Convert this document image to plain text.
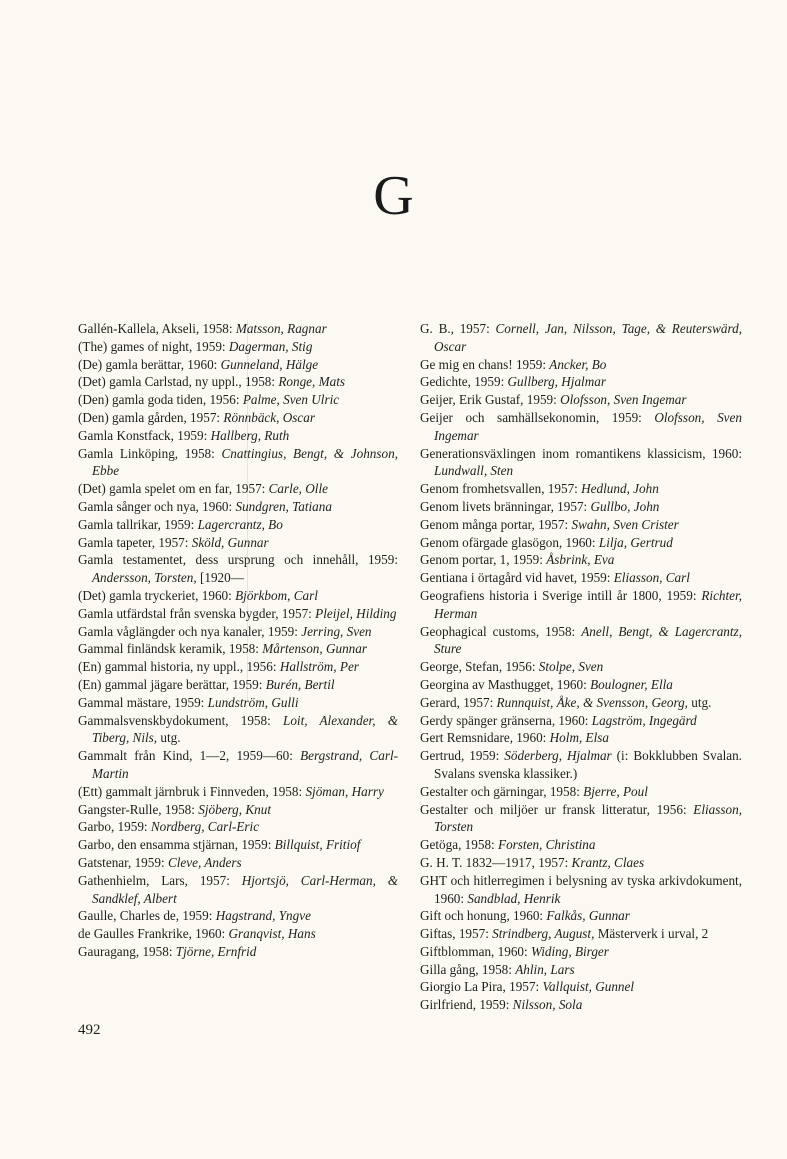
G

Gallén-Kallela, Akseli, 1958: Matsson, Ragnar

(The) games of night, 1959: Dagerman, Stig

(De) gamla berättar, 1960: Gunneland, Hälge

(Det) gamla Carlstad, ny uppl., 1958: Ronge, Mats

(Den) gamla goda tiden, 1956: Palme, Sven Ulric

(Den) gamla gården, 1957: Rönnbäck, Oscar

Gamla Konstfack, 1959: Hallberg, Ruth

Gamla Linköping, 1958: Cnattingius, Bengt, & Johnson, Ebbe

(Det) gamla spelet om en far, 1957: Carle, Olle

Gamla sånger och nya, 1960: Sundgren, Tatiana

Gamla tallrikar, 1959: Lagercrantz, Bo

Gamla tapeter, 1957: Sköld, Gunnar

Gamla testamentet, dess ursprung och innehåll, 1959: Andersson, Torsten, [1920—

(Det) gamla tryckeriet, 1960: Björkbom, Carl

Gamla utfärdstal från svenska bygder, 1957: Pleijel, Hilding

Gamla våglängder och nya kanaler, 1959: Jerring, Sven

Gammal finländsk keramik, 1958: Mårtenson, Gunnar

(En) gammal historia, ny uppl., 1956: Hallström, Per

(En) gammal jägare berättar, 1959: Burén, Bertil

Gammal mästare, 1959: Lundström, Gulli

Gammalsvenskbydokument, 1958: Loit, Alexander, & Tiberg, Nils, utg.

Gammalt från Kind, 1—2, 1959—60: Bergstrand, Carl-Martin

(Ett) gammalt järnbruk i Finnveden, 1958: Sjöman, Harry

Gangster-Rulle, 1958: Sjöberg, Knut

Garbo, 1959: Nordberg, Carl-Eric

Garbo, den ensamma stjärnan, 1959: Billquist, Fritiof

Gatstenar, 1959: Cleve, Anders

Gathenhielm, Lars, 1957: Hjortsjö, Carl-Herman, & Sandklef, Albert

Gaulle, Charles de, 1959: Hagstrand, Yngve

de Gaulles Frankrike, 1960: Granqvist, Hans

Gauragang, 1958: Tjörne, Ernfrid

G. B., 1957: Cornell, Jan, Nilsson, Tage, & Reuterswärd, Oscar

Ge mig en chans! 1959: Ancker, Bo

Gedichte, 1959: Gullberg, Hjalmar

Geijer, Erik Gustaf, 1959: Olofsson, Sven Ingemar

Geijer och samhällsekonomin, 1959: Olofsson, Sven Ingemar

Generationsväxlingen inom romantikens klassicism, 1960: Lundwall, Sten

Genom fromhetsvallen, 1957: Hedlund, John

Genom livets bränningar, 1957: Gullbo, John

Genom många portar, 1957: Swahn, Sven Crister

Genom ofärgade glasögon, 1960: Lilja, Gertrud

Genom portar, 1, 1959: Åsbrink, Eva

Gentiana i örtagård vid havet, 1959: Eliasson, Carl

Geografiens historia i Sverige intill år 1800, 1959: Richter, Herman

Geophagical customs, 1958: Anell, Bengt, & Lagercrantz, Sture

George, Stefan, 1956: Stolpe, Sven

Georgina av Masthugget, 1960: Boulogner, Ella

Gerard, 1957: Runnquist, Åke, & Svensson, Georg, utg.

Gerdy spänger gränserna, 1960: Lagström, Ingegärd

Gert Remsnidare, 1960: Holm, Elsa

Gertrud, 1959: Söderberg, Hjalmar (i: Bokklubben Svalan. Svalans svenska klassiker.)

Gestalter och gärningar, 1958: Bjerre, Poul

Gestalter och miljöer ur fransk litteratur, 1956: Eliasson, Torsten

Getöga, 1958: Forsten, Christina

G. H. T. 1832—1917, 1957: Krantz, Claes

GHT och hitlerregimen i belysning av tyska arkivdokument, 1960: Sandblad, Henrik

Gift och honung, 1960: Falkås, Gunnar

Giftas, 1957: Strindberg, August, Mästerverk i urval, 2

Giftblomman, 1960: Widing, Birger

Gilla gång, 1958: Ahlin, Lars

Giorgio La Pira, 1957: Vallquist, Gunnel

Girlfriend, 1959: Nilsson, Sola

492
